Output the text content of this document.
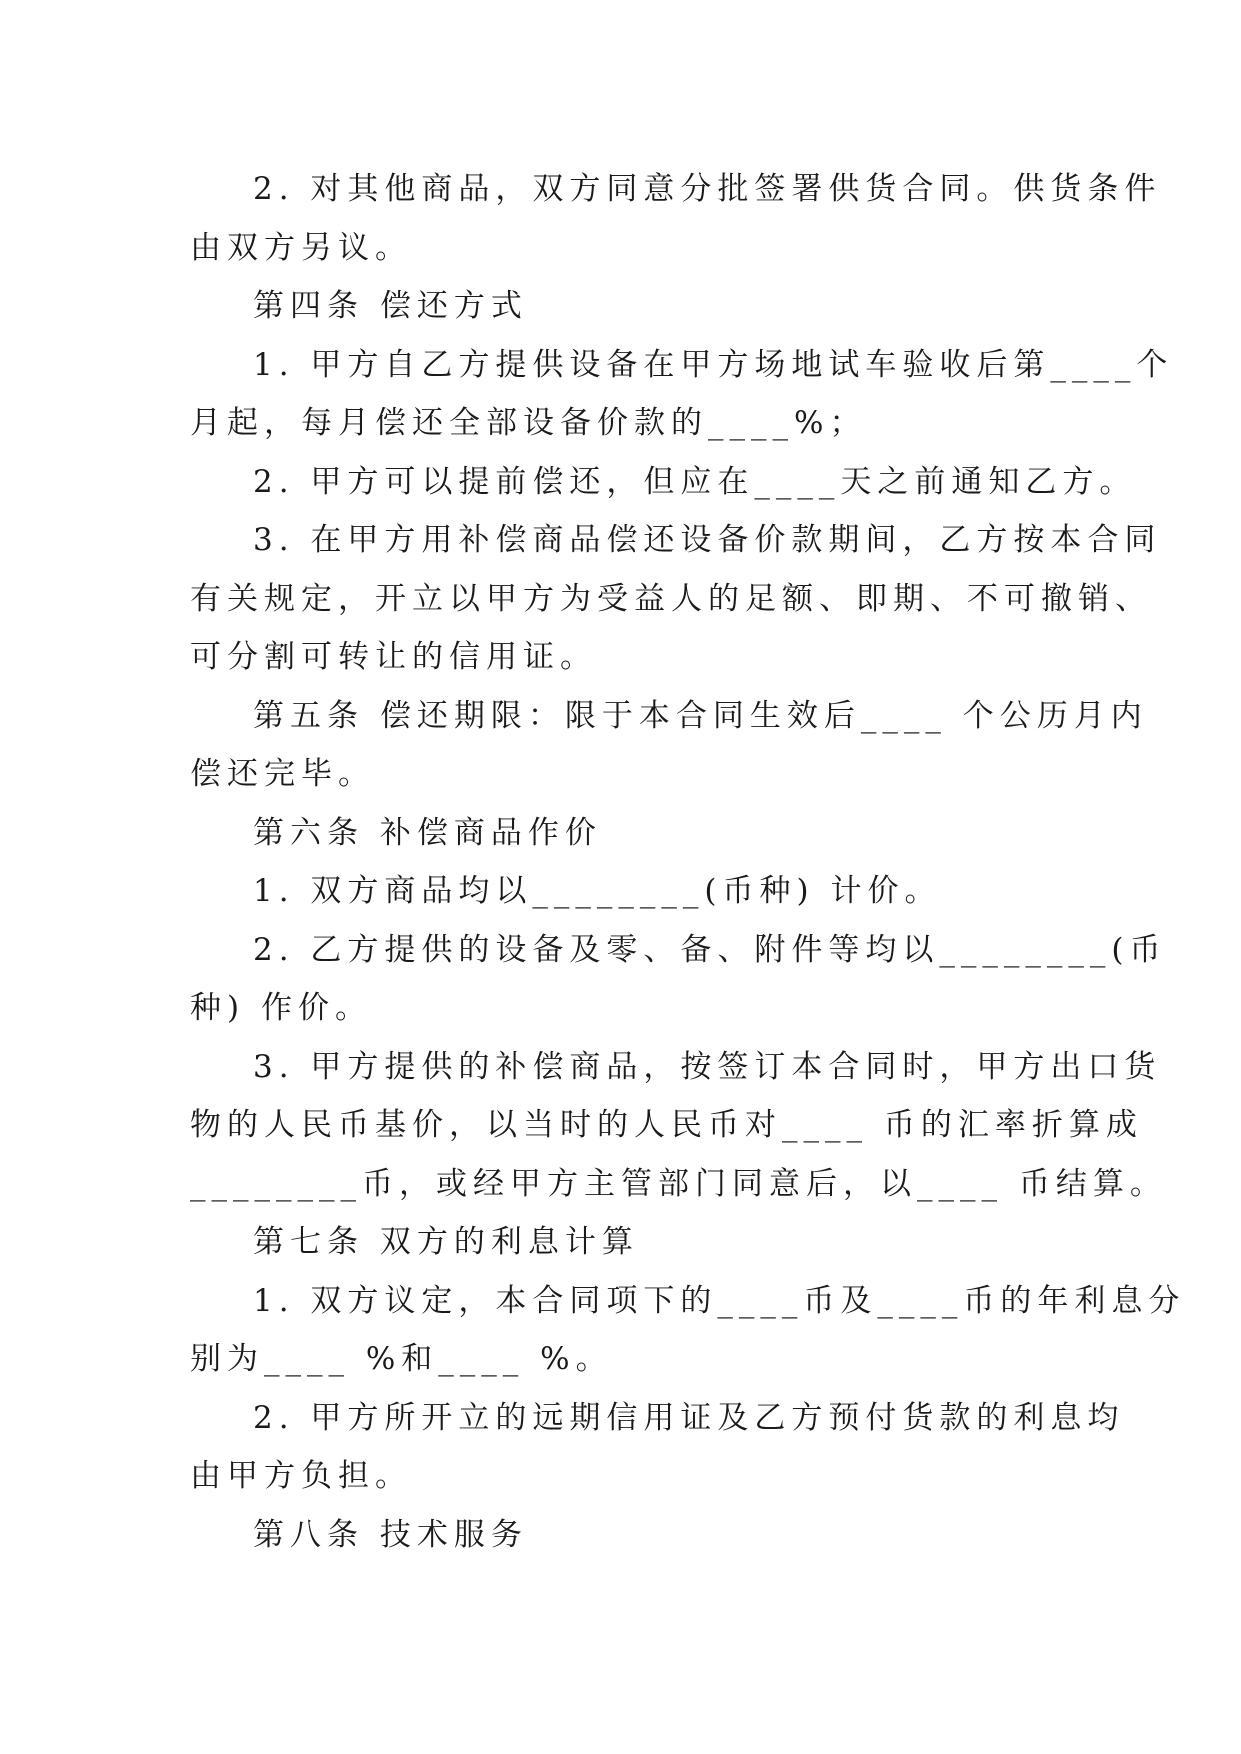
2. 对其他商品，双方同意分批签署供货合同。供货条件
由双方另议。
第四条 偿还方式
1. 甲方自乙方提供设备在甲方场地试车验收后第____个
月起，每月偿还全部设备价款的____%；
2. 甲方可以提前偿还，但应在____天之前通知乙方。
3. 在甲方用补偿商品偿还设备价款期间，乙方按本合同
有关规定，开立以甲方为受益人的足额、即期、不可撤销、
可分割可转让的信用证。
第五条 偿还期限：限于本合同生效后____ 个公历月内
偿还完毕。
第六条 补偿商品作价
1. 双方商品均以________(币种) 计价。
2. 乙方提供的设备及零、备、附件等均以________(币
种) 作价。
3. 甲方提供的补偿商品，按签订本合同时，甲方出口货
物的人民币基价，以当时的人民币对____ 币的汇率折算成
________币，或经甲方主管部门同意后，以____ 币结算。
第七条 双方的利息计算
1. 双方议定，本合同项下的____币及____币的年利息分
别为____ %和____ %。
2. 甲方所开立的远期信用证及乙方预付货款的利息均
由甲方负担。
第八条 技术服务
